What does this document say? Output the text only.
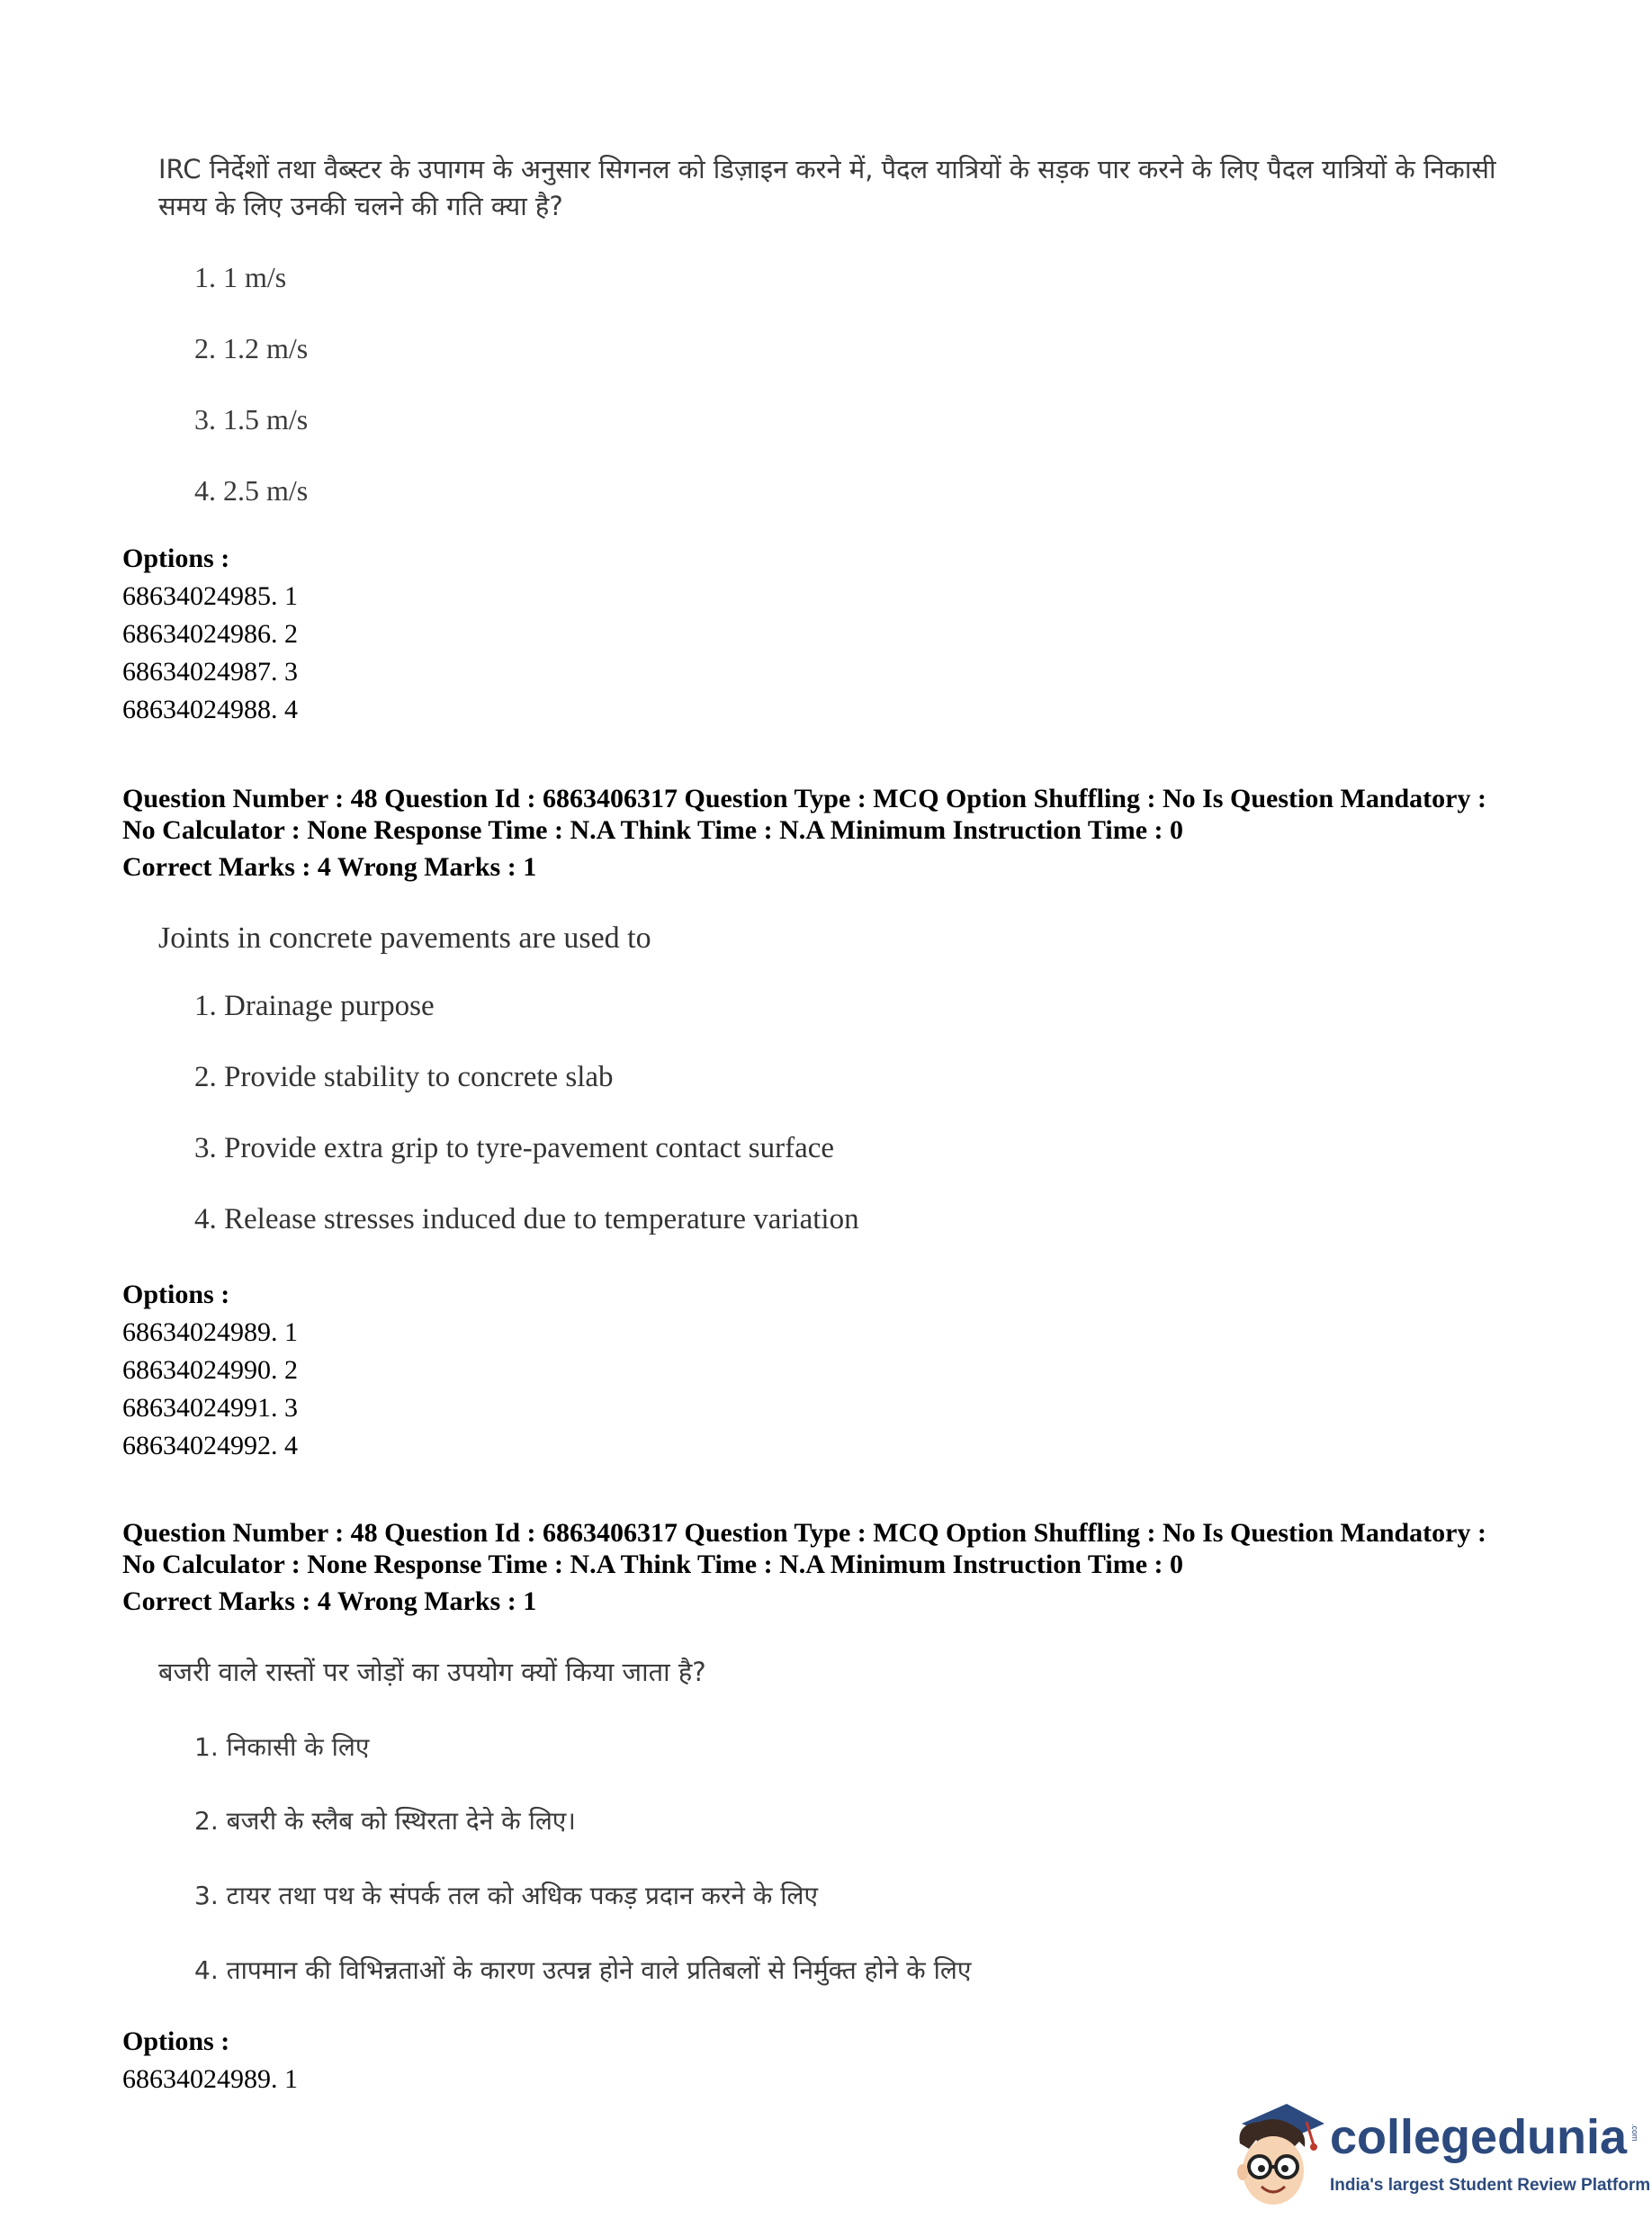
IRC निर्देशों तथा वैब्स्टर के उपागम के अनुसार सिगनल को डिज़ाइन करने में, पैदल यात्रियों के सड़क पार करने के लिए पैदल यात्रियों के निकासी समय के लिए उनकी चलने की गति क्या है?
1. 1 m/s
2. 1.2 m/s
3. 1.5 m/s
4. 2.5 m/s
Options :
68634024985. 1
68634024986. 2
68634024987. 3
68634024988. 4
Question Number : 48 Question Id : 6863406317 Question Type : MCQ Option Shuffling : No Is Question Mandatory :
No Calculator : None Response Time : N.A Think Time : N.A Minimum Instruction Time : 0
Correct Marks : 4 Wrong Marks : 1
Joints in concrete pavements are used to
1. Drainage purpose
2. Provide stability to concrete slab
3. Provide extra grip to tyre-pavement contact surface
4. Release stresses induced due to temperature variation
Options :
68634024989. 1
68634024990. 2
68634024991. 3
68634024992. 4
Question Number : 48 Question Id : 6863406317 Question Type : MCQ Option Shuffling : No Is Question Mandatory :
No Calculator : None Response Time : N.A Think Time : N.A Minimum Instruction Time : 0
Correct Marks : 4 Wrong Marks : 1
बजरी वाले रास्तों पर जोड़ों का उपयोग क्यों किया जाता है?
1. निकासी के लिए
2. बजरी के स्लैब को स्थिरता देने के लिए।
3. टायर तथा पथ के संपर्क तल को अधिक पकड़ प्रदान करने के लिए
4. तापमान की विभिन्नताओं के कारण उत्पन्न होने वाले प्रतिबलों से निर्मुक्त होने के लिए
Options :
68634024989. 1
collegedunia .com
India's largest Student Review Platform
